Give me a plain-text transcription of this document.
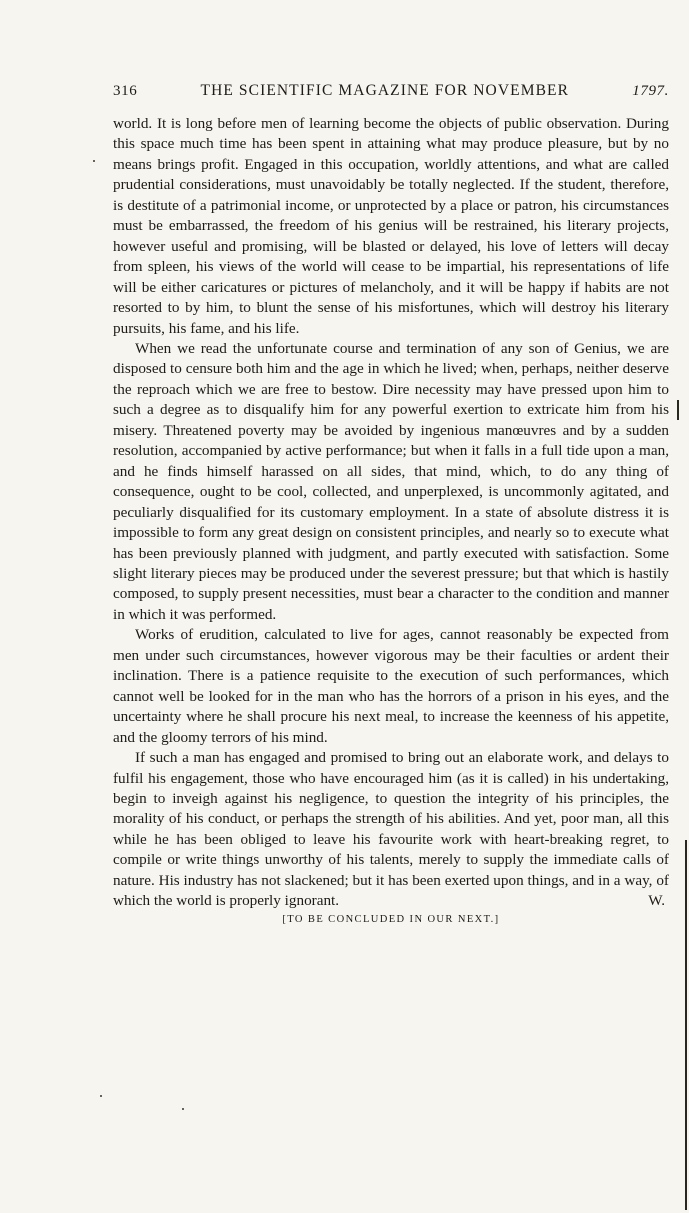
316	THE SCIENTIFIC MAGAZINE FOR NOVEMBER	1797.

world. It is long before men of learning become the objects of public observation. During this space much time has been spent in attaining what may produce pleasure, but by no means brings profit. Engaged in this occupation, worldly attentions, and what are called prudential considerations, must unavoidably be totally neglected. If the student, therefore, is destitute of a patrimonial income, or unprotected by a place or patron, his circumstances must be embarrassed, the freedom of his genius will be restrained, his literary projects, however useful and promising, will be blasted or delayed, his love of letters will decay from spleen, his views of the world will cease to be impartial, his representations of life will be either caricatures or pictures of melancholy, and it will be happy if habits are not resorted to by him, to blunt the sense of his misfortunes, which will destroy his literary pursuits, his fame, and his life.

When we read the unfortunate course and termination of any son of Genius, we are disposed to censure both him and the age in which he lived; when, perhaps, neither deserve the reproach which we are free to bestow. Dire necessity may have pressed upon him to such a degree as to disqualify him for any powerful exertion to extricate him from his misery. Threatened poverty may be avoided by ingenious manœuvres and by a sudden resolution, accompanied by active performance; but when it falls in a full tide upon a man, and he finds himself harassed on all sides, that mind, which, to do any thing of consequence, ought to be cool, collected, and unperplexed, is uncommonly agitated, and peculiarly disqualified for its customary employment. In a state of absolute distress it is impossible to form any great design on consistent principles, and nearly so to execute what has been previously planned with judgment, and partly executed with satisfaction. Some slight literary pieces may be produced under the severest pressure; but that which is hastily composed, to supply present necessities, must bear a character to the condition and manner in which it was performed.

Works of erudition, calculated to live for ages, cannot reasonably be expected from men under such circumstances, however vigorous may be their faculties or ardent their inclination. There is a patience requisite to the execution of such performances, which cannot well be looked for in the man who has the horrors of a prison in his eyes, and the uncertainty where he shall procure his next meal, to increase the keenness of his appetite, and the gloomy terrors of his mind.

If such a man has engaged and promised to bring out an elaborate work, and delays to fulfil his engagement, those who have encouraged him (as it is called) in his undertaking, begin to inveigh against his negligence, to question the integrity of his principles, the morality of his conduct, or perhaps the strength of his abilities. And yet, poor man, all this while he has been obliged to leave his favourite work with heart-breaking regret, to compile or write things unworthy of his talents, merely to supply the immediate calls of nature. His industry has not slackened; but it has been exerted upon things, and in a way, of which the world is properly ignorant.	W.
[TO BE CONCLUDED IN OUR NEXT.]
